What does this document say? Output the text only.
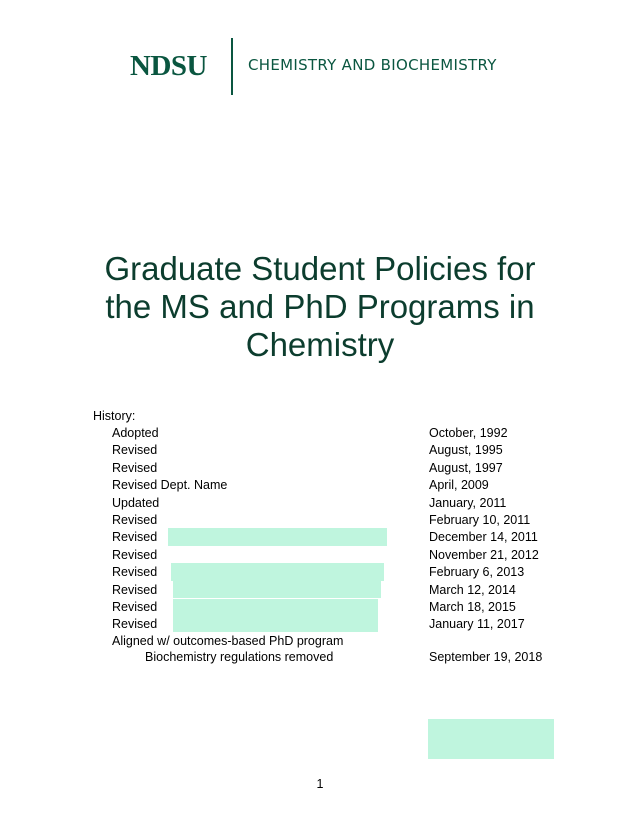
NDSU	CHEMISTRY AND BIOCHEMISTRY
Graduate Student Policies for
the MS and PhD Programs in
Chemistry
History:
Adopted	October, 1992
Revised	August, 1995
Revised	August, 1997
Revised Dept. Name	April, 2009
Updated	January, 2011
Revised	February 10, 2011
Revised	December 14, 2011
Revised	November 21, 2012
Revised	February 6, 2013
Revised	March 12, 2014
Revised	March 18, 2015
Revised	January 11, 2017
Aligned w/ outcomes-based PhD program
Biochemistry regulations removed	September 19, 2018
1
